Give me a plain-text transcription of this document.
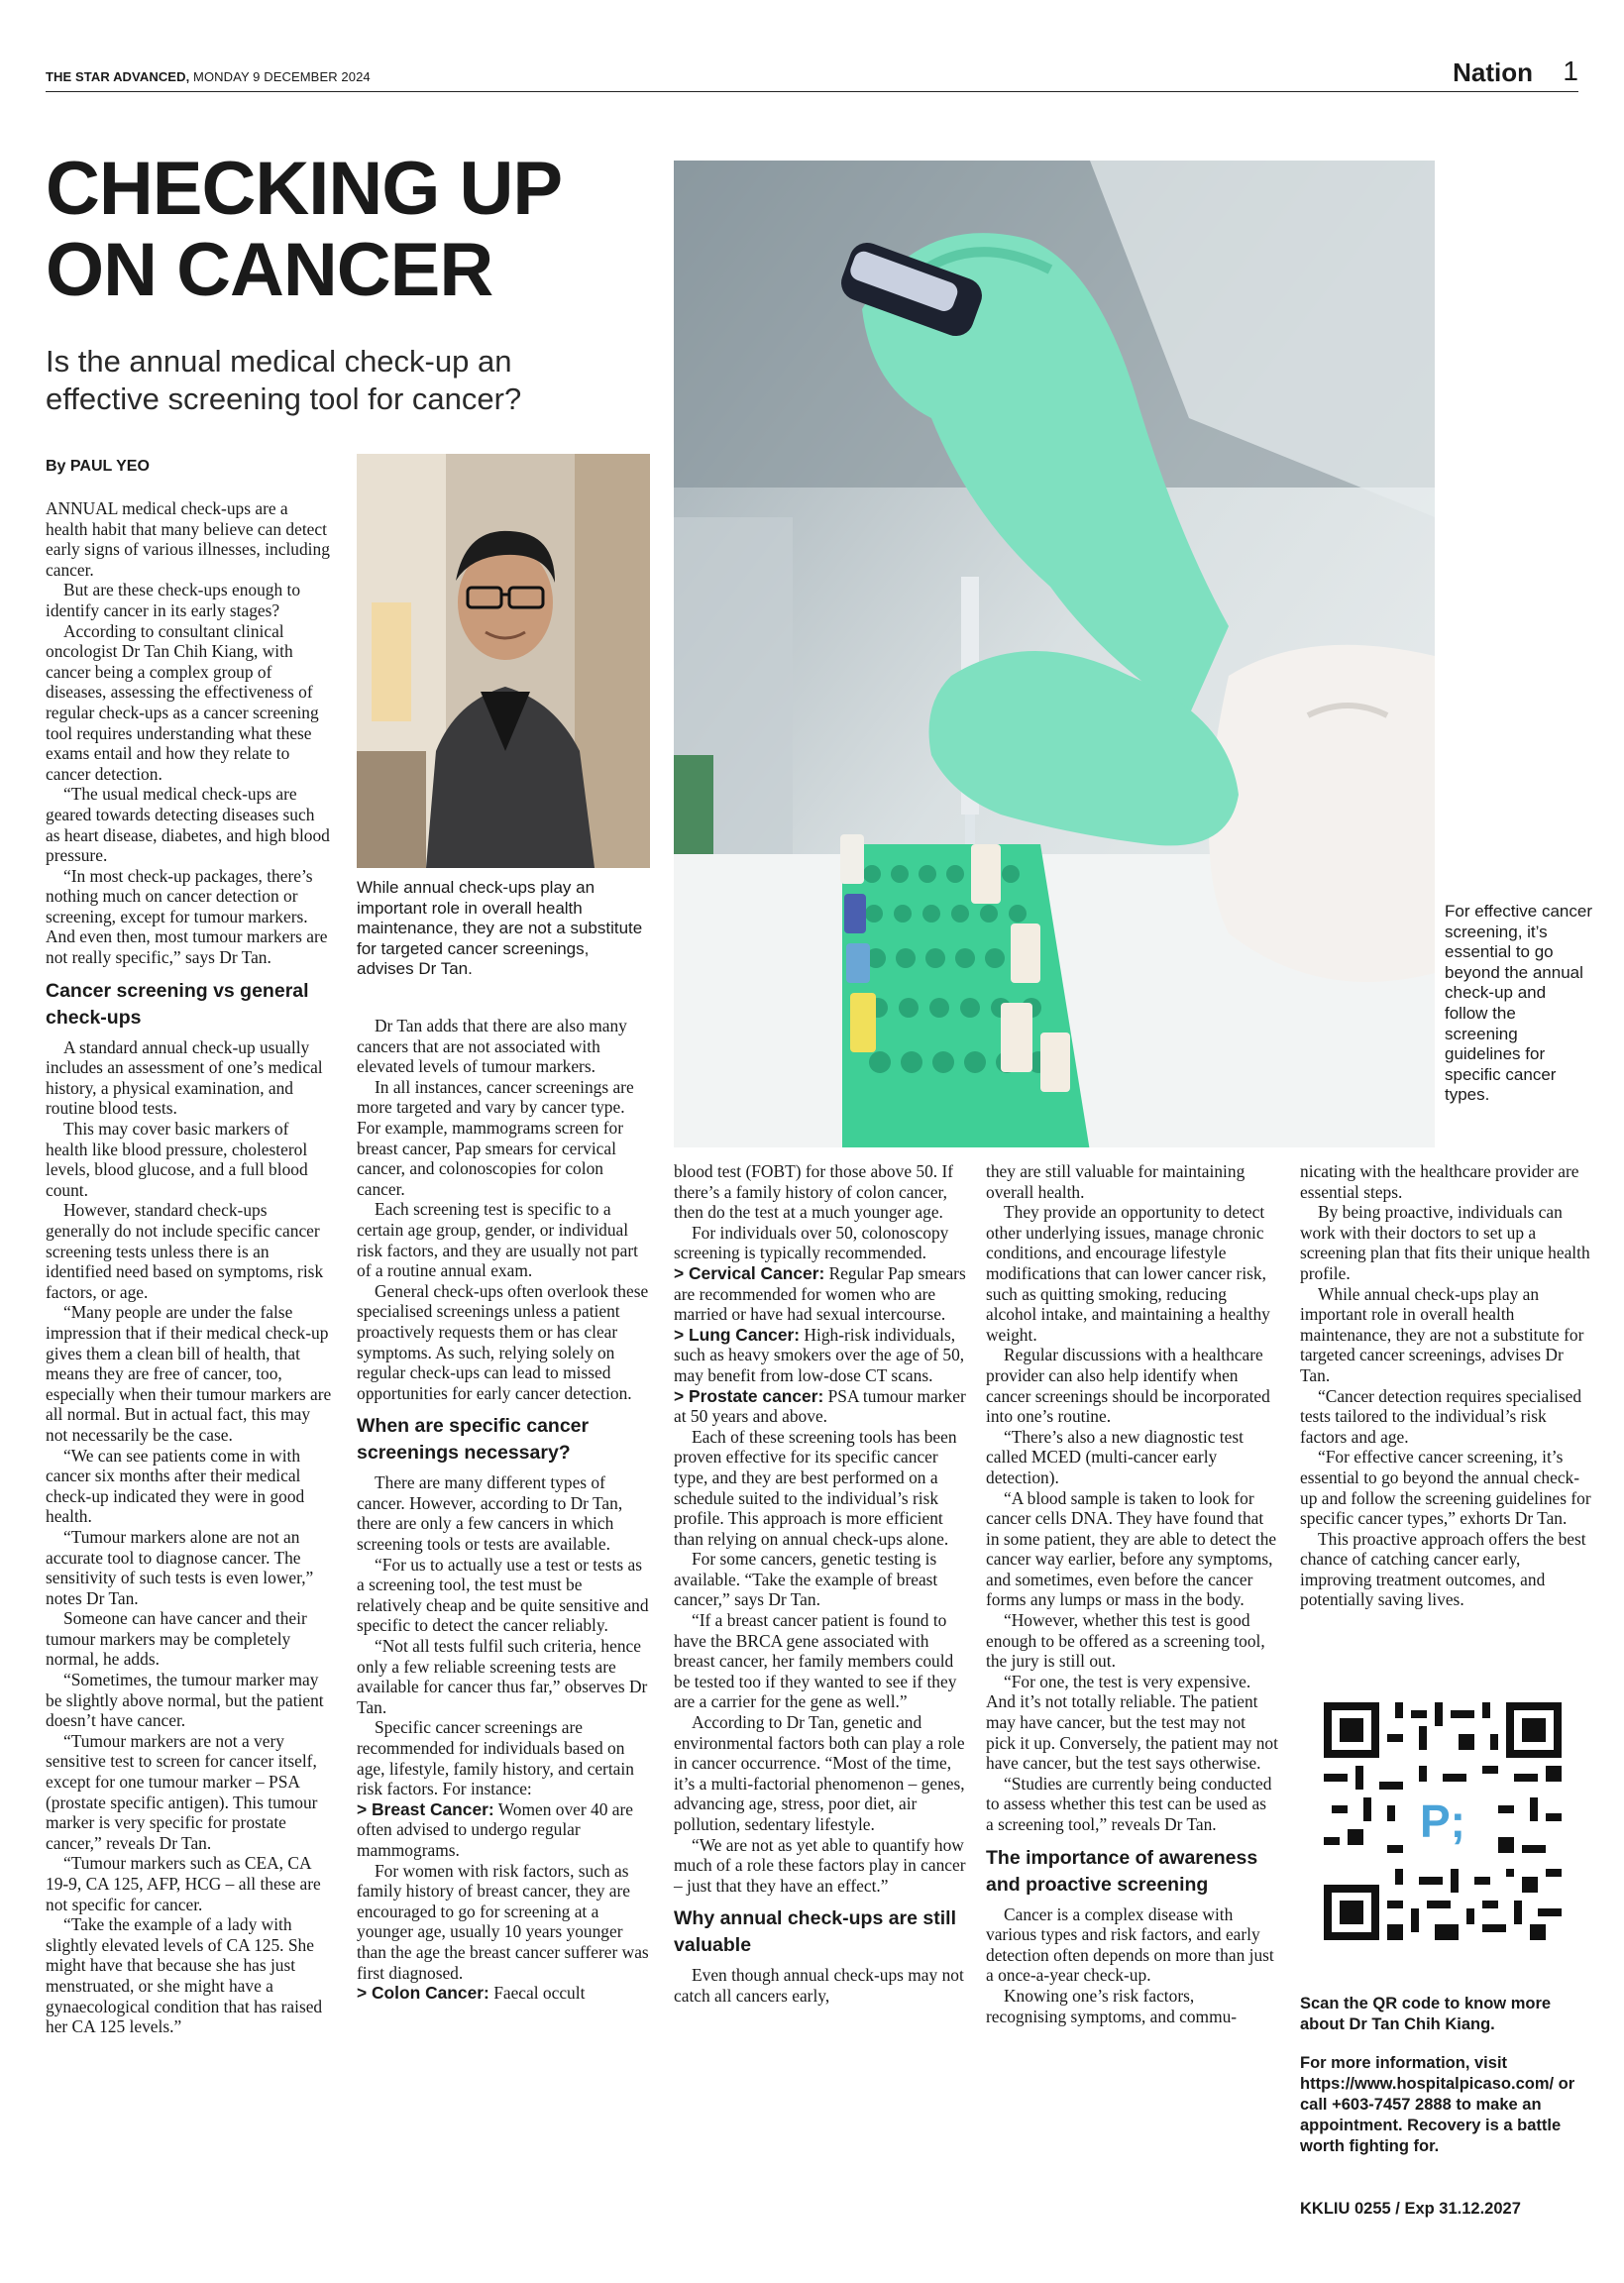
THE STAR ADVANCED, MONDAY 9 DECEMBER 2024	Nation 1
CHECKING UP
ON CANCER
Is the annual medical check-up an effective screening tool for cancer?
By PAUL YEO
While annual check-ups play an important role in overall health maintenance, they are not a substitute for targeted cancer screenings, advises Dr Tan.
For effective cancer screening, it’s essential to go beyond the annual check-up and follow the screening guidelines for specific cancer types.

ANNUAL medical check-ups are a health habit that many believe can detect early signs of various illnesses, including cancer.

But are these check-ups enough to identify cancer in its early stages?

According to consultant clinical oncologist Dr Tan Chih Kiang, with cancer being a complex group of diseases, assessing the effectiveness of regular check-ups as a cancer screening tool requires understanding what these exams entail and how they relate to cancer detection.

“The usual medical check-ups are geared towards detecting diseases such as heart disease, diabetes, and high blood pressure.

“In most check-up packages, there’s nothing much on cancer detection or screening, except for tumour markers. And even then, most tumour markers are not really specific,” says Dr Tan.

Cancer screening vs general check-ups

A standard annual check-up usually includes an assessment of one’s medical history, a physical examination, and routine blood tests.

This may cover basic markers of health like blood pressure, cholesterol levels, blood glucose, and a full blood count.

However, standard check-ups generally do not include specific cancer screening tests unless there is an identified need based on symptoms, risk factors, or age.

“Many people are under the false impression that if their medical check-up gives them a clean bill of health, that means they are free of cancer, too, especially when their tumour markers are all normal. But in actual fact, this may not necessarily be the case.

“We can see patients come in with cancer six months after their medical check-up indicated they were in good health.

“Tumour markers alone are not an accurate tool to diagnose cancer. The sensitivity of such tests is even lower,” notes Dr Tan.

Someone can have cancer and their tumour markers may be completely normal, he adds.

“Sometimes, the tumour marker may be slightly above normal, but the patient doesn’t have cancer.

“Tumour markers are not a very sensitive test to screen for cancer itself, except for one tumour marker – PSA (prostate specific antigen). This tumour marker is very specific for prostate cancer,” reveals Dr Tan.

“Tumour markers such as CEA, CA 19-9, CA 125, AFP, HCG – all these are not specific for cancer.

“Take the example of a lady with slightly elevated levels of CA 125. She might have that because she has just menstruated, or she might have a gynaecological condition that has raised her CA 125 levels.”

Dr Tan adds that there are also many cancers that are not associated with elevated levels of tumour markers.

In all instances, cancer screenings are more targeted and vary by cancer type. For example, mammograms screen for breast cancer, Pap smears for cervical cancer, and colonoscopies for colon cancer.

Each screening test is specific to a certain age group, gender, or individual risk factors, and they are usually not part of a routine annual exam.

General check-ups often overlook these specialised screenings unless a patient proactively requests them or has clear symptoms. As such, relying solely on regular check-ups can lead to missed opportunities for early cancer detection.

When are specific cancer screenings necessary?

There are many different types of cancer. However, according to Dr Tan, there are only a few cancers in which screening tools or tests are available.

“For us to actually use a test or tests as a screening tool, the test must be relatively cheap and be quite sensitive and specific to detect the cancer reliably.

“Not all tests fulfil such criteria, hence only a few reliable screening tests are available for cancer thus far,” observes Dr Tan.

Specific cancer screenings are recommended for individuals based on age, lifestyle, family history, and certain risk factors. For instance:

> Breast Cancer: Women over 40 are often advised to undergo regular mammograms.

For women with risk factors, such as family history of breast cancer, they are encouraged to go for screening at a younger age, usually 10 years younger than the age the breast cancer sufferer was first diagnosed.

> Colon Cancer: Faecal occult

blood test (FOBT) for those above 50. If there’s a family history of colon cancer, then do the test at a much younger age.

For individuals over 50, colonoscopy screening is typically recommended.

> Cervical Cancer: Regular Pap smears are recommended for women who are married or have had sexual intercourse.

> Lung Cancer: High-risk individuals, such as heavy smokers over the age of 50, may benefit from low-dose CT scans.

> Prostate cancer: PSA tumour marker at 50 years and above.

Each of these screening tools has been proven effective for its specific cancer type, and they are best performed on a schedule suited to the individual’s risk profile. This approach is more efficient than relying on annual check-ups alone.

For some cancers, genetic testing is available. “Take the example of breast cancer,” says Dr Tan.

“If a breast cancer patient is found to have the BRCA gene associated with breast cancer, her family members could be tested too if they wanted to see if they are a carrier for the gene as well.”

According to Dr Tan, genetic and environmental factors both can play a role in cancer occurrence. “Most of the time, it’s a multi-factorial phenomenon – genes, advancing age, stress, poor diet, air pollution, sedentary lifestyle.

“We are not as yet able to quantify how much of a role these factors play in cancer – just that they have an effect.”

Why annual check-ups are still valuable

Even though annual check-ups may not catch all cancers early,

they are still valuable for maintaining overall health.

They provide an opportunity to detect other underlying issues, manage chronic conditions, and encourage lifestyle modifications that can lower cancer risk, such as quitting smoking, reducing alcohol intake, and maintaining a healthy weight.

Regular discussions with a healthcare provider can also help identify when cancer screenings should be incorporated into one’s routine.

“There’s also a new diagnostic test called MCED (multi-cancer early detection).

“A blood sample is taken to look for cancer cells DNA. They have found that in some patient, they are able to detect the cancer way earlier, before any symptoms, and sometimes, even before the cancer forms any lumps or mass in the body.

“However, whether this test is good enough to be offered as a screening tool, the jury is still out.

“For one, the test is very expensive. And it’s not totally reliable. The patient may have cancer, but the test may not pick it up. Conversely, the patient may not have cancer, but the test says otherwise.

“Studies are currently being conducted to assess whether this test can be used as a screening tool,” reveals Dr Tan.

The importance of awareness and proactive screening

Cancer is a complex disease with various types and risk factors, and early detection often depends on more than just a once-a-year check-up.

Knowing one’s risk factors, recognising symptoms, and commu-

nicating with the healthcare provider are essential steps.

By being proactive, individuals can work with their doctors to set up a screening plan that fits their unique health profile.

While annual check-ups play an important role in overall health maintenance, they are not a substitute for targeted cancer screenings, advises Dr Tan.

“Cancer detection requires specialised tests tailored to the individual’s risk factors and age.

“For effective cancer screening, it’s essential to go beyond the annual check-up and follow the screening guidelines for specific cancer types,” exhorts Dr Tan.

This proactive approach offers the best chance of catching cancer early, improving treatment outcomes, and potentially saving lives.

P;

Scan the QR code to know more about Dr Tan Chih Kiang.

For more information, visit https://www.hospitalpicaso.com/ or call +603-7457 2888 to make an appointment. Recovery is a battle worth fighting for.

KKLIU 0255 / Exp 31.12.2027
